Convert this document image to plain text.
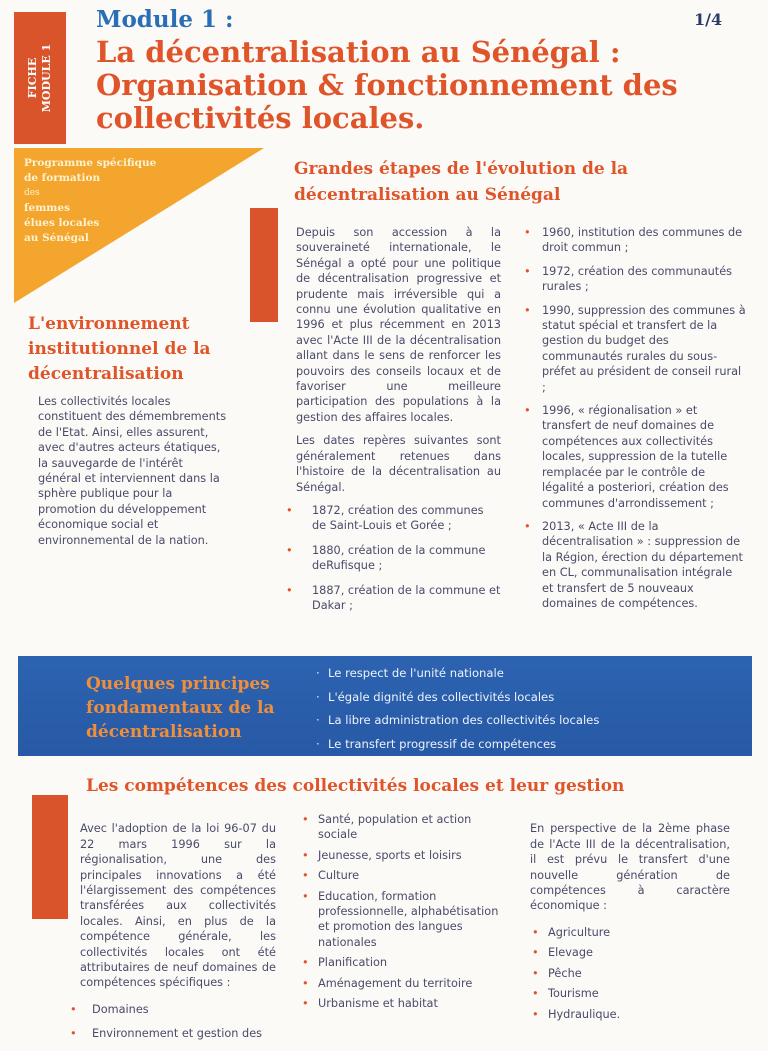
FICHE MODULE 1
Module 1 :	1/4
La décentralisation au Sénégal : Organisation & fonctionnement des collectivités locales.
Programme spécifique
de formation
des
femmes
élues locales
au Sénégal
L'environnement institutionnel de la décentralisation

Les collectivités locales constituent des démembrements de l'Etat. Ainsi, elles assurent, avec d'autres acteurs étatiques, la sauvegarde de l'intérêt général et interviennent dans la sphère publique pour la promotion du développement économique social et environnemental de la nation.

Grandes étapes de l'évolution de la décentralisation au Sénégal

Depuis son accession à la souveraineté internationale, le Sénégal a opté pour une politique de décentralisation progressive et prudente mais irréversible qui a connu une évolution qualitative en 1996 et plus récemment en 2013 avec l'Acte III de la décentralisation allant dans le sens de renforcer les pouvoirs des conseils locaux et de favoriser une meilleure participation des populations à la gestion des affaires locales.

Les dates repères suivantes sont généralement retenues dans l'histoire de la décentralisation au Sénégal.

• 1872, création des communes de Saint-Louis et Gorée ;
• 1880, création de la commune deRufisque ;
• 1887, création de la commune et Dakar ;
• 1960, institution des communes de droit commun ;
• 1972, création des communautés rurales ;
• 1990, suppression des communes à statut spécial et transfert de la gestion du budget des communautés rurales du sous-préfet au président de conseil rural ;
• 1996, « régionalisation » et transfert de neuf domaines de compétences aux collectivités locales, suppression de la tutelle remplacée par le contrôle de légalité a posteriori, création des communes d'arrondissement ;
• 2013, « Acte III de la décentralisation » : suppression de la Région, érection du département en CL, communalisation intégrale et transfert de 5 nouveaux domaines de compétences.
Quelques principes fondamentaux de la décentralisation
· Le respect de l'unité nationale
· L'égale dignité des collectivités locales
· La libre administration des collectivités locales
· Le transfert progressif de compétences
Les compétences des collectivités locales et leur gestion

Avec l'adoption de la loi 96-07 du 22 mars 1996 sur la régionalisation, une des principales innovations a été l'élargissement des compétences transférées aux collectivités locales. Ainsi, en plus de la compétence générale, les collectivités locales ont été attributaires de neuf domaines de compétences spécifiques :

• Domaines
• Environnement et gestion des
• Santé, population et action sociale
• Jeunesse, sports et loisirs
• Culture
• Education, formation professionnelle, alphabétisation et promotion des langues nationales
• Planification
• Aménagement du territoire
• Urbanisme et habitat

En perspective de la 2ème phase de l'Acte III de la décentralisation, il est prévu le transfert d'une nouvelle génération de compétences à caractère économique :

• Agriculture
• Elevage
• Pêche
• Tourisme
• Hydraulique.
